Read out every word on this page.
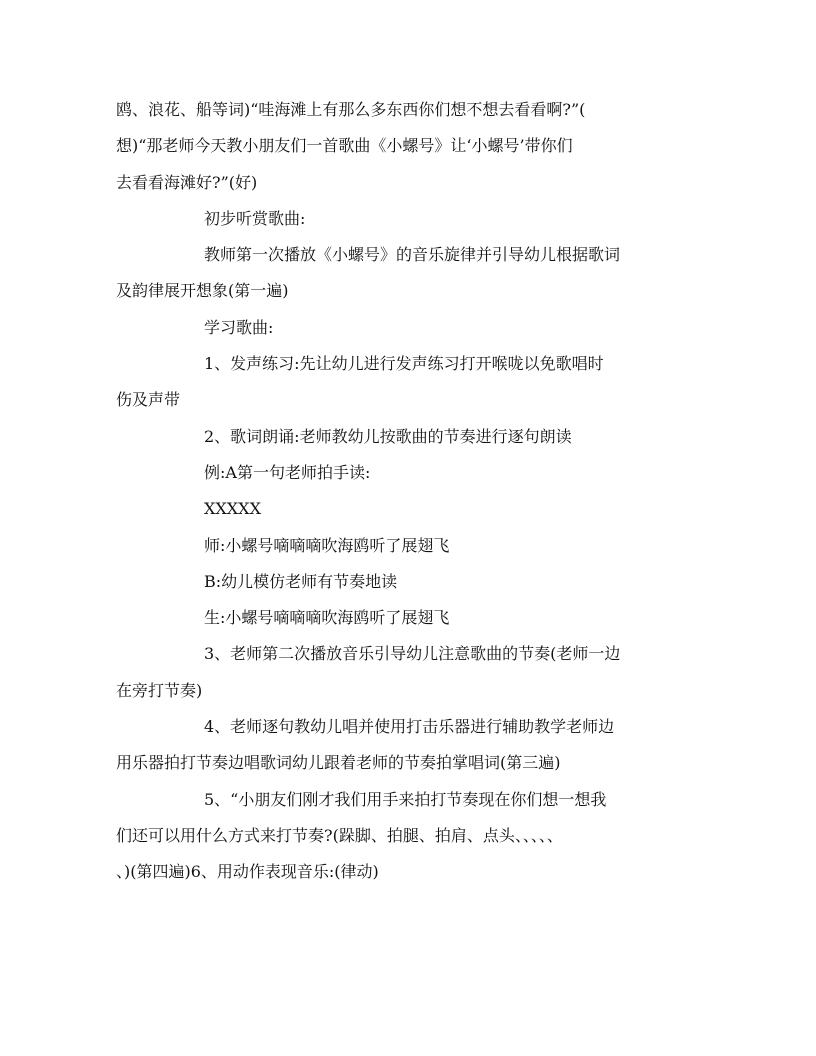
鸥、浪花、船等词)“哇海滩上有那么多东西你们想不想去看看啊?”(
想)“那老师今天教小朋友们一首歌曲《小螺号》让‘小螺号’带你们
去看看海滩好?”(好)
初步听赏歌曲:
教师第一次播放《小螺号》的音乐旋律并引导幼儿根据歌词
及韵律展开想象(第一遍)
学习歌曲:
1、发声练习:先让幼儿进行发声练习打开喉咙以免歌唱时
伤及声带
2、歌词朗诵:老师教幼儿按歌曲的节奏进行逐句朗读
例:A第一句老师拍手读:
XXXXX
师:小螺号嘀嘀嘀吹海鸥听了展翅飞
B:幼儿模仿老师有节奏地读
生:小螺号嘀嘀嘀吹海鸥听了展翅飞
3、老师第二次播放音乐引导幼儿注意歌曲的节奏(老师一边
在旁打节奏)
4、老师逐句教幼儿唱并使用打击乐器进行辅助教学老师边
用乐器拍打节奏边唱歌词幼儿跟着老师的节奏拍掌唱词(第三遍)
5、“小朋友们刚才我们用手来拍打节奏现在你们想一想我
们还可以用什么方式来打节奏?(跺脚、拍腿、拍肩、点头、、、、、
、)(第四遍)6、用动作表现音乐:(律动)
